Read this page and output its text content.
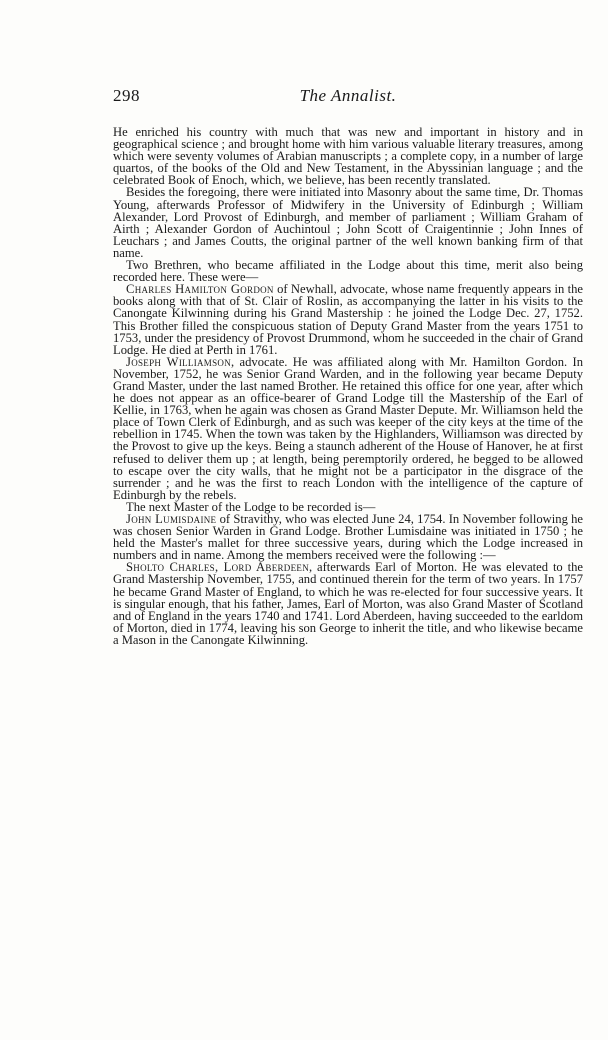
298	The Annalist.

He enriched his country with much that was new and important in history and in geographical science ; and brought home with him various valuable literary treasures, among which were seventy volumes of Arabian manuscripts ; a complete copy, in a number of large quartos, of the books of the Old and New Testament, in the Abyssinian language ; and the celebrated Book of Enoch, which, we believe, has been recently translated.

Besides the foregoing, there were initiated into Masonry about the same time, Dr. Thomas Young, afterwards Professor of Midwifery in the University of Edinburgh ; William Alexander, Lord Provost of Edinburgh, and member of parliament ; William Graham of Airth ; Alexander Gordon of Auchintoul ; John Scott of Craigentinnie ; John Innes of Leuchars ; and James Coutts, the original partner of the well known banking firm of that name.

Two Brethren, who became affiliated in the Lodge about this time, merit also being recorded here. These were—

Charles Hamilton Gordon of Newhall, advocate, whose name frequently appears in the books along with that of St. Clair of Roslin, as accompanying the latter in his visits to the Canongate Kilwinning during his Grand Mastership : he joined the Lodge Dec. 27, 1752. This Brother filled the conspicuous station of Deputy Grand Master from the years 1751 to 1753, under the presidency of Provost Drummond, whom he succeeded in the chair of Grand Lodge. He died at Perth in 1761.

Joseph Williamson, advocate. He was affiliated along with Mr. Hamilton Gordon. In November, 1752, he was Senior Grand Warden, and in the following year became Deputy Grand Master, under the last named Brother. He retained this office for one year, after which he does not appear as an office-bearer of Grand Lodge till the Mastership of the Earl of Kellie, in 1763, when he again was chosen as Grand Master Depute. Mr. Williamson held the place of Town Clerk of Edinburgh, and as such was keeper of the city keys at the time of the rebellion in 1745. When the town was taken by the Highlanders, Williamson was directed by the Provost to give up the keys. Being a staunch adherent of the House of Hanover, he at first refused to deliver them up ; at length, being peremptorily ordered, he begged to be allowed to escape over the city walls, that he might not be a participator in the disgrace of the surrender ; and he was the first to reach London with the intelligence of the capture of Edinburgh by the rebels.

The next Master of the Lodge to be recorded is—

John Lumisdaine of Stravithy, who was elected June 24, 1754. In November following he was chosen Senior Warden in Grand Lodge. Brother Lumisdaine was initiated in 1750 ; he held the Master's mallet for three successive years, during which the Lodge increased in numbers and in name. Among the members received were the following :—

Sholto Charles, Lord Aberdeen, afterwards Earl of Morton. He was elevated to the Grand Mastership November, 1755, and continued therein for the term of two years. In 1757 he became Grand Master of England, to which he was re-elected for four successive years. It is singular enough, that his father, James, Earl of Morton, was also Grand Master of Scotland and of England in the years 1740 and 1741. Lord Aberdeen, having succeeded to the earldom of Morton, died in 1774, leaving his son George to inherit the title, and who likewise became a Mason in the Canongate Kilwinning.
